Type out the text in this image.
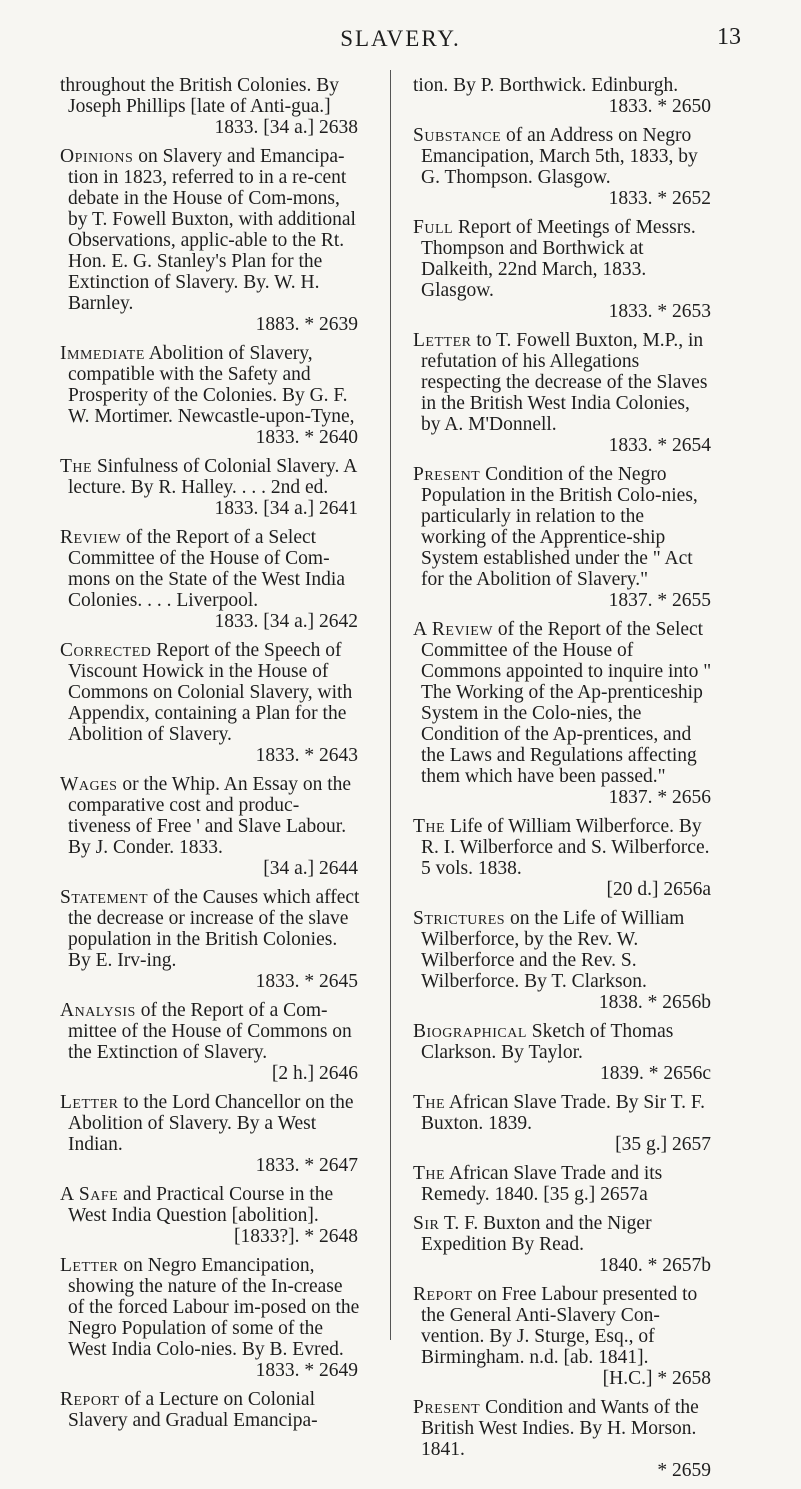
SLAVERY.	13

throughout the British Colonies. By Joseph Phillips [late of Anti-gua.]
1833. [34 a.] 2638

Opinions on Slavery and Emancipa-tion in 1823, referred to in a re-cent debate in the House of Com-mons, by T. Fowell Buxton, with additional Observations, applic-able to the Rt. Hon. E. G. Stanley's Plan for the Extinction of Slavery. By. W. H. Barnley.
1883. * 2639

Immediate Abolition of Slavery, compatible with the Safety and Prosperity of the Colonies. By G. F. W. Mortimer. Newcastle-upon-Tyne,
1833. * 2640

The Sinfulness of Colonial Slavery. A lecture. By R. Halley. . . . 2nd ed.
1833. [34 a.] 2641

Review of the Report of a Select Committee of the House of Com-mons on the State of the West India Colonies. . . . Liverpool.
1833. [34 a.] 2642

Corrected Report of the Speech of Viscount Howick in the House of Commons on Colonial Slavery, with Appendix, containing a Plan for the Abolition of Slavery.
1833. * 2643

Wages or the Whip. An Essay on the comparative cost and produc-tiveness of Free ' and Slave Labour. By J. Conder. 1833.
[34 a.] 2644

Statement of the Causes which affect the decrease or increase of the slave population in the British Colonies. By E. Irv-ing.
1833. * 2645

Analysis of the Report of a Com-mittee of the House of Commons on the Extinction of Slavery.
[2 h.] 2646

Letter to the Lord Chancellor on the Abolition of Slavery. By a West Indian.
1833. * 2647

A Safe and Practical Course in the West India Question [abolition].
[1833?]. * 2648

Letter on Negro Emancipation, showing the nature of the In-crease of the forced Labour im-posed on the Negro Population of some of the West India Colo-nies. By B. Evred.
1833. * 2649

Report of a Lecture on Colonial Slavery and Gradual Emancipa-

tion. By P. Borthwick. Edinburgh.
1833. * 2650

Substance of an Address on Negro Emancipation, March 5th, 1833, by G. Thompson. Glasgow.
1833. * 2652

Full Report of Meetings of Messrs. Thompson and Borthwick at Dalkeith, 22nd March, 1833. Glasgow.
1833. * 2653

Letter to T. Fowell Buxton, M.P., in refutation of his Allegations respecting the decrease of the Slaves in the British West India Colonies, by A. M'Donnell.
1833. * 2654

Present Condition of the Negro Population in the British Colo-nies, particularly in relation to the working of the Apprentice-ship System established under the " Act for the Abolition of Slavery."
1837. * 2655

A Review of the Report of the Select Committee of the House of Commons appointed to inquire into " The Working of the Ap-prenticeship System in the Colo-nies, the Condition of the Ap-prentices, and the Laws and Regulations affecting them which have been passed."
1837. * 2656

The Life of William Wilberforce. By R. I. Wilberforce and S. Wilberforce. 5 vols. 1838.
[20 d.] 2656a

Strictures on the Life of William Wilberforce, by the Rev. W. Wilberforce and the Rev. S. Wilberforce. By T. Clarkson.
1838. * 2656b

Biographical Sketch of Thomas Clarkson. By Taylor.
1839. * 2656c

The African Slave Trade. By Sir T. F. Buxton. 1839.
[35 g.] 2657

The African Slave Trade and its Remedy. 1840. [35 g.] 2657a

Sir T. F. Buxton and the Niger Expedition By Read.
1840. * 2657b

Report on Free Labour presented to the General Anti-Slavery Con-vention. By J. Sturge, Esq., of Birmingham. n.d. [ab. 1841].
[H.C.] * 2658

Present Condition and Wants of the British West Indies. By H. Morson. 1841.
* 2659
